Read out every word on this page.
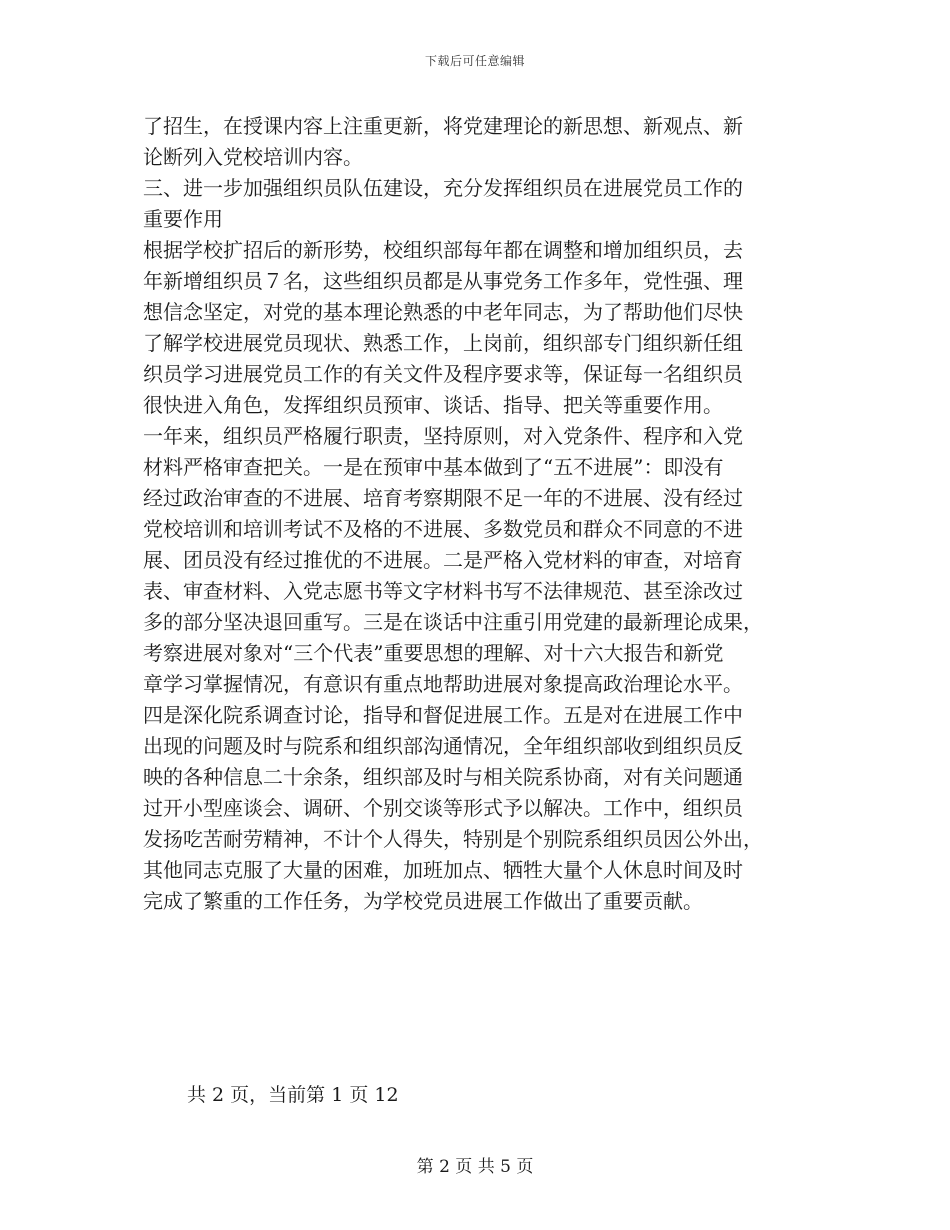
下载后可任意编辑
了招生，在授课内容上注重更新，将党建理论的新思想、新观点、新
论断列入党校培训内容。
三、进一步加强组织员队伍建设，充分发挥组织员在进展党员工作的
重要作用
根据学校扩招后的新形势，校组织部每年都在调整和增加组织员，去
年新增组织员７名，这些组织员都是从事党务工作多年，党性强、理
想信念坚定，对党的基本理论熟悉的中老年同志，为了帮助他们尽快
了解学校进展党员现状、熟悉工作，上岗前，组织部专门组织新任组
织员学习进展党员工作的有关文件及程序要求等，保证每一名组织员
很快进入角色，发挥组织员预审、谈话、指导、把关等重要作用。
一年来，组织员严格履行职责，坚持原则，对入党条件、程序和入党
材料严格审查把关。一是在预审中基本做到了“五不进展”：即没有
经过政治审查的不进展、培育考察期限不足一年的不进展、没有经过
党校培训和培训考试不及格的不进展、多数党员和群众不同意的不进
展、团员没有经过推优的不进展。二是严格入党材料的审查，对培育
表、审查材料、入党志愿书等文字材料书写不法律规范、甚至涂改过
多的部分坚决退回重写。三是在谈话中注重引用党建的最新理论成果，
考察进展对象对“三个代表”重要思想的理解、对十六大报告和新党
章学习掌握情况，有意识有重点地帮助进展对象提高政治理论水平。
四是深化院系调查讨论，指导和督促进展工作。五是对在进展工作中
出现的问题及时与院系和组织部沟通情况，全年组织部收到组织员反
映的各种信息二十余条，组织部及时与相关院系协商，对有关问题通
过开小型座谈会、调研、个别交谈等形式予以解决。工作中，组织员
发扬吃苦耐劳精神，不计个人得失，特别是个别院系组织员因公外出，
其他同志克服了大量的困难，加班加点、牺牲大量个人休息时间及时
完成了繁重的工作任务，为学校党员进展工作做出了重要贡献。
共 2 页，当前第 1 页 12
第 2 页 共 5 页
